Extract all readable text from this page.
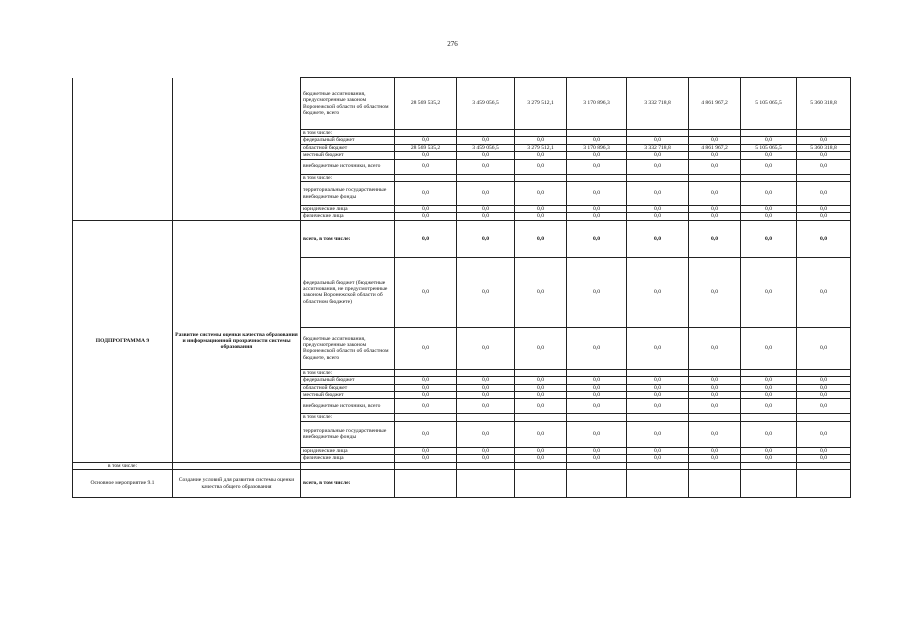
276
		бюджетные ассигнования, предусмотренные законом Воронежской области об областном бюджете, всего	28 569 535,2	3 459 056,5	3 279 512,1	3 170 896,3	3 332 718,8	4 861 967,2	5 105 065,5	5 360 318,8
		в том числе:								
		федеральный бюджет	0,0	0,0	0,0	0,0	0,0	0,0	0,0	0,0
		областной бюджет	28 569 535,2	3 459 056,5	3 279 512,1	3 170 896,3	3 332 718,8	4 861 967,2	5 105 065,5	5 360 318,8
		местный бюджет	0,0	0,0	0,0	0,0	0,0	0,0	0,0	0,0
		внебюджетные источники, всего	0,0	0,0	0,0	0,0	0,0	0,0	0,0	0,0
		в том числе:								
		территориальные государственные внебюджетные фонды	0,0	0,0	0,0	0,0	0,0	0,0	0,0	0,0
		юридические лица	0,0	0,0	0,0	0,0	0,0	0,0	0,0	0,0
		физические лица	0,0	0,0	0,0	0,0	0,0	0,0	0,0	0,0
ПОДПРОГРАММА 9	Развитие системы оценки качества образования и информационной прозрачности системы образования	всего, в том числе:	0,0	0,0	0,0	0,0	0,0	0,0	0,0	0,0
		федеральный бюджет (бюджетные ассигнования, не предусмотренные законом Воронежской области об областном бюджете)	0,0	0,0	0,0	0,0	0,0	0,0	0,0	0,0
		бюджетные ассигнования, предусмотренные законом Воронежской области об областном бюджете, всего	0,0	0,0	0,0	0,0	0,0	0,0	0,0	0,0
		в том числе:								
		федеральный бюджет	0,0	0,0	0,0	0,0	0,0	0,0	0,0	0,0
		областной бюджет	0,0	0,0	0,0	0,0	0,0	0,0	0,0	0,0
		местный бюджет	0,0	0,0	0,0	0,0	0,0	0,0	0,0	0,0
		внебюджетные источники, всего	0,0	0,0	0,0	0,0	0,0	0,0	0,0	0,0
		в том числе:								
		территориальные государственные внебюджетные фонды	0,0	0,0	0,0	0,0	0,0	0,0	0,0	0,0
		юридические лица	0,0	0,0	0,0	0,0	0,0	0,0	0,0	0,0
		физические лица	0,0	0,0	0,0	0,0	0,0	0,0	0,0	0,0
в том числе:										
Основное мероприятие 9.1	Создание условий для развития системы оценки качества общего образования	всего, в том числе:								
